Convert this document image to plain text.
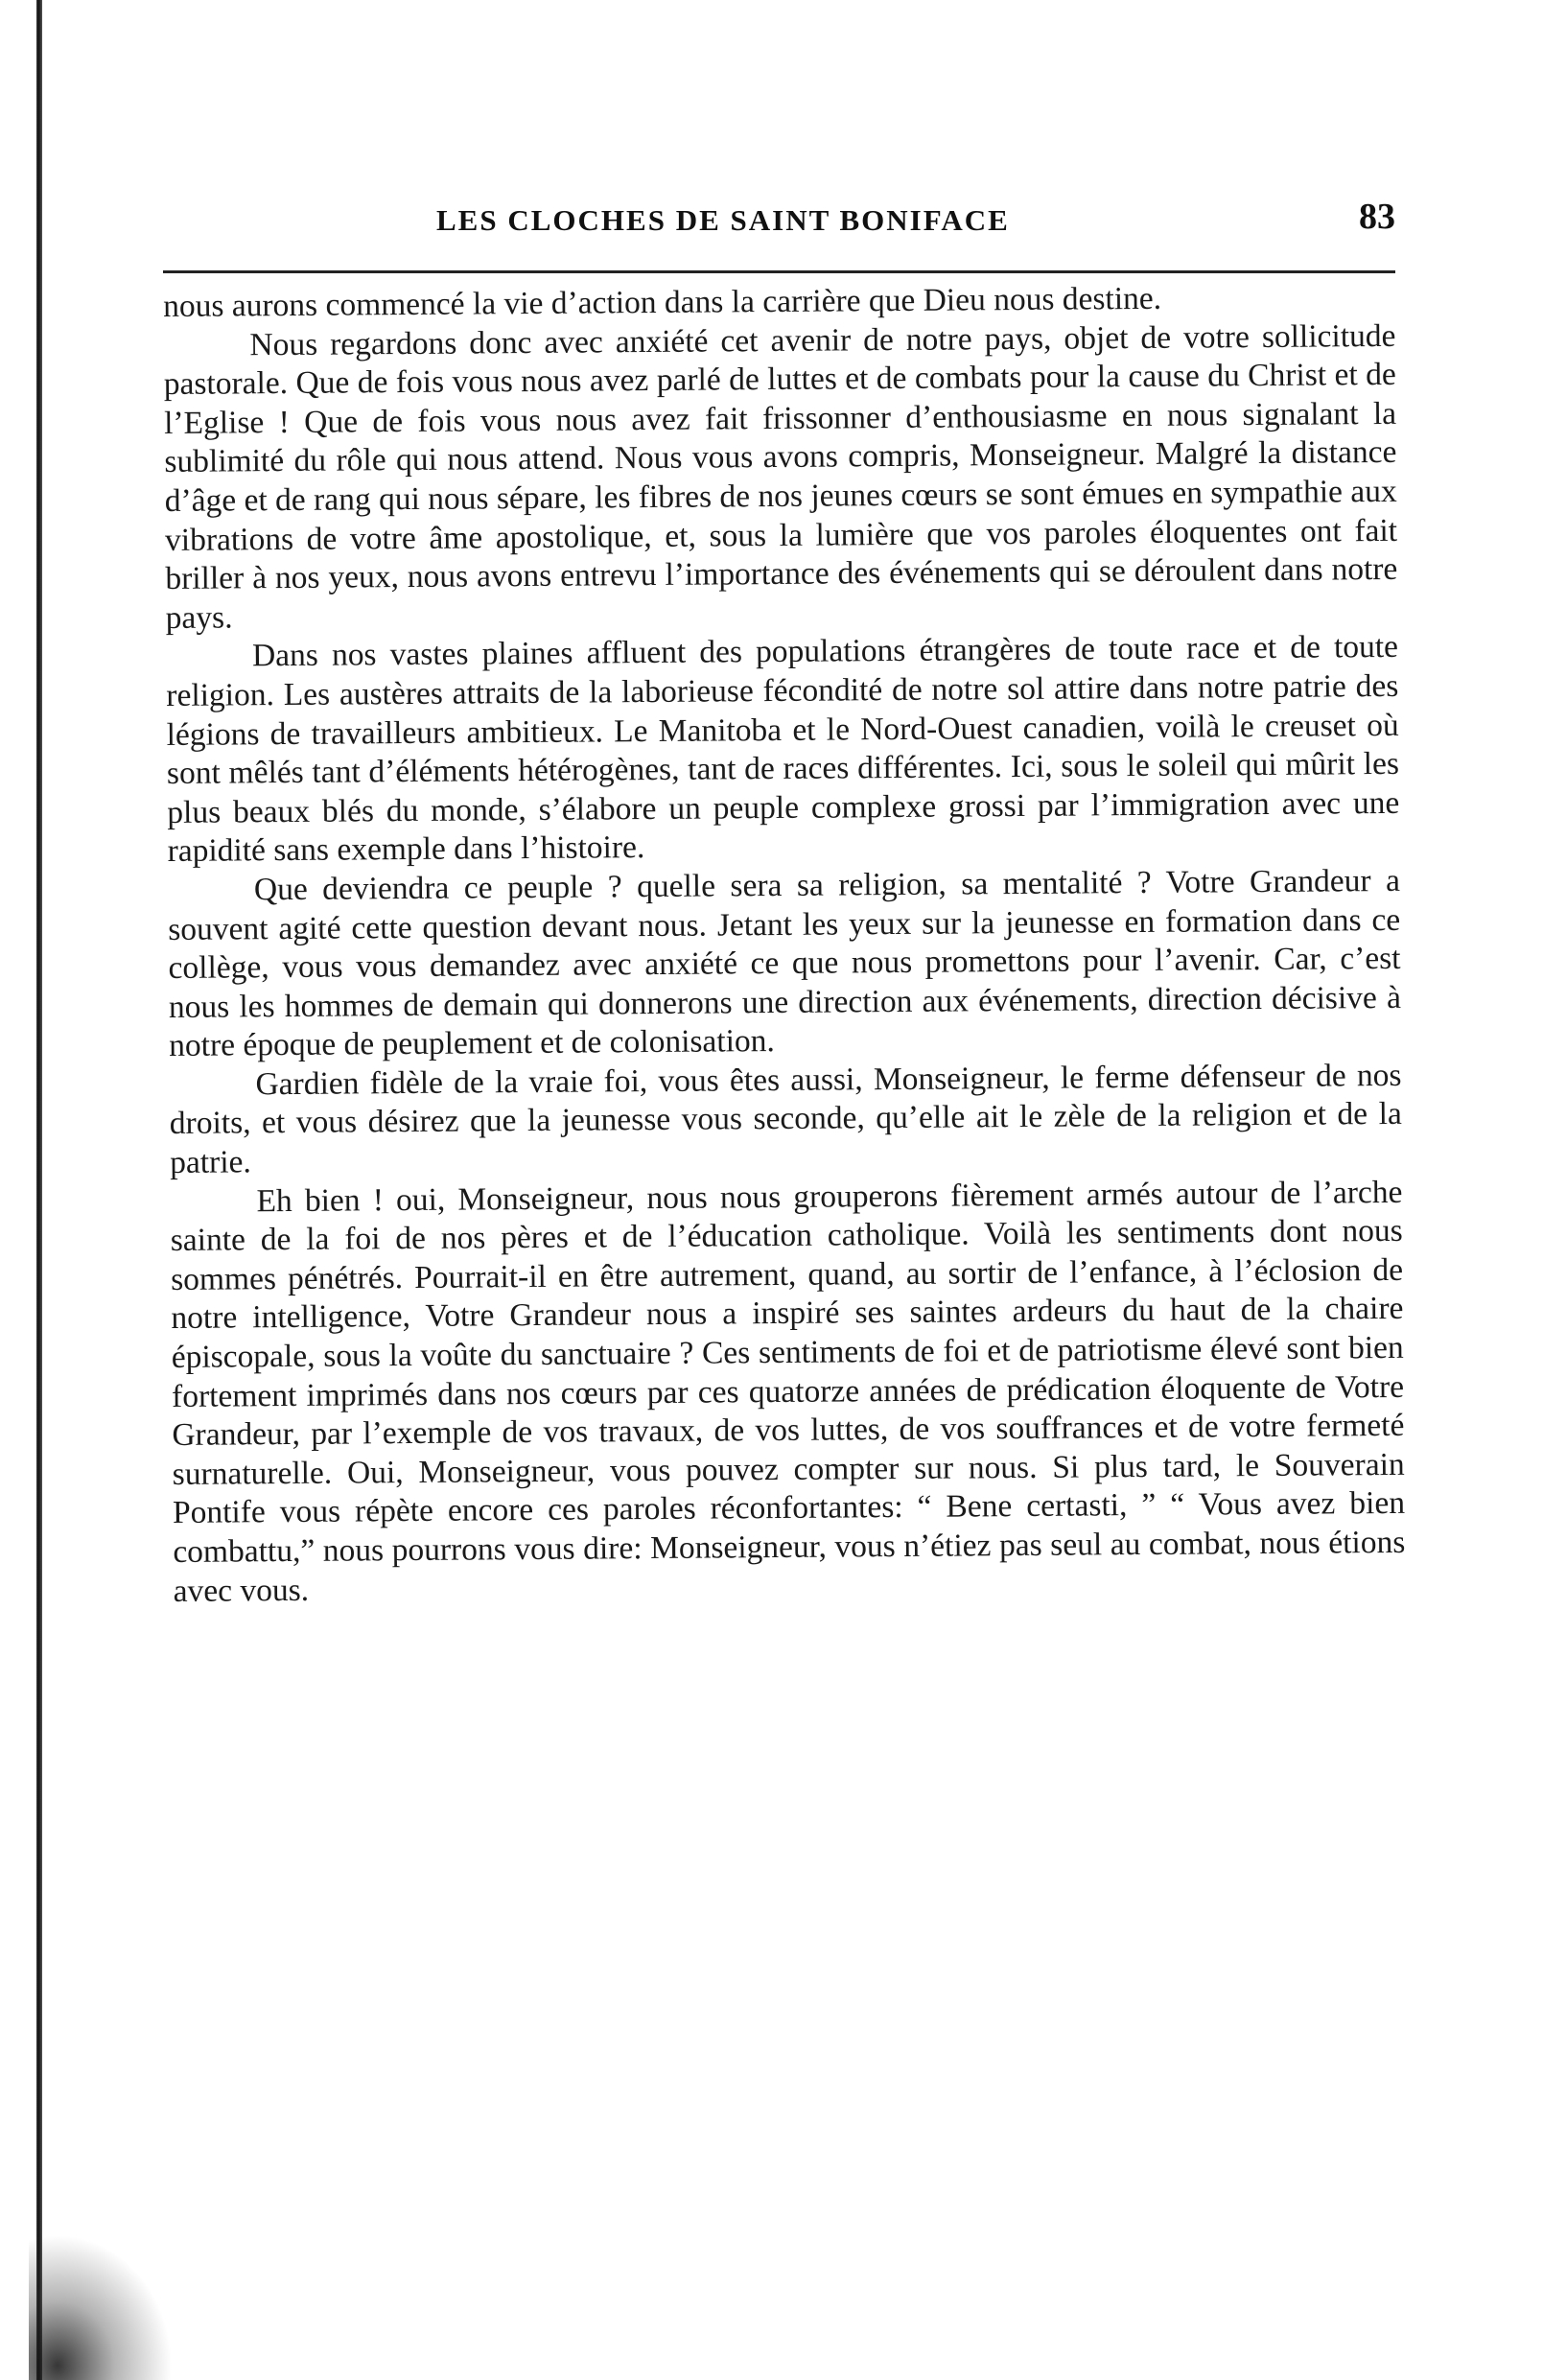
LES CLOCHES DE SAINT BONIFACE	83

nous aurons commencé la vie d’action dans la carrière que Dieu nous destine.

Nous regardons donc avec anxiété cet avenir de notre pays, objet de votre sollicitude pastorale. Que de fois vous nous avez parlé de luttes et de combats pour la cause du Christ et de l’Eglise ! Que de fois vous nous avez fait frissonner d’enthousiasme en nous signalant la sublimité du rôle qui nous attend. Nous vous avons compris, Monseigneur. Malgré la distance d’âge et de rang qui nous sépare, les fibres de nos jeunes cœurs se sont émues en sympathie aux vibrations de votre âme apostolique, et, sous la lumière que vos paroles éloquentes ont fait briller à nos yeux, nous avons entrevu l’importance des événements qui se déroulent dans notre pays.

Dans nos vastes plaines affluent des populations étrangères de toute race et de toute religion. Les austères attraits de la laborieuse fécondité de notre sol attire dans notre patrie des légions de travailleurs ambitieux. Le Manitoba et le Nord-Ouest canadien, voilà le creuset où sont mêlés tant d’éléments hétérogènes, tant de races différentes. Ici, sous le soleil qui mûrit les plus beaux blés du monde, s’élabore un peuple complexe grossi par l’immigration avec une rapidité sans exemple dans l’histoire.

Que deviendra ce peuple ? quelle sera sa religion, sa mentalité ? Votre Grandeur a souvent agité cette question devant nous. Jetant les yeux sur la jeunesse en formation dans ce collège, vous vous demandez avec anxiété ce que nous promettons pour l’avenir. Car, c’est nous les hommes de demain qui donnerons une direction aux événements, direction décisive à notre époque de peuplement et de colonisation.

Gardien fidèle de la vraie foi, vous êtes aussi, Monseigneur, le ferme défenseur de nos droits, et vous désirez que la jeunesse vous seconde, qu’elle ait le zèle de la religion et de la patrie.

Eh bien ! oui, Monseigneur, nous nous grouperons fièrement armés autour de l’arche sainte de la foi de nos pères et de l’éducation catholique. Voilà les sentiments dont nous sommes pénétrés. Pourrait-il en être autrement, quand, au sortir de l’enfance, à l’éclosion de notre intelligence, Votre Grandeur nous a inspiré ses saintes ardeurs du haut de la chaire épiscopale, sous la voûte du sanctuaire ? Ces sentiments de foi et de patriotisme élevé sont bien fortement imprimés dans nos cœurs par ces quatorze années de prédication éloquente de Votre Grandeur, par l’exemple de vos travaux, de vos luttes, de vos souffrances et de votre fermeté surnaturelle. Oui, Monseigneur, vous pouvez compter sur nous. Si plus tard, le Souverain Pontife vous répète encore ces paroles réconfortantes: “ Bene certasti, ” “ Vous avez bien combattu,” nous pourrons vous dire: Monseigneur, vous n’étiez pas seul au combat, nous étions avec vous.
